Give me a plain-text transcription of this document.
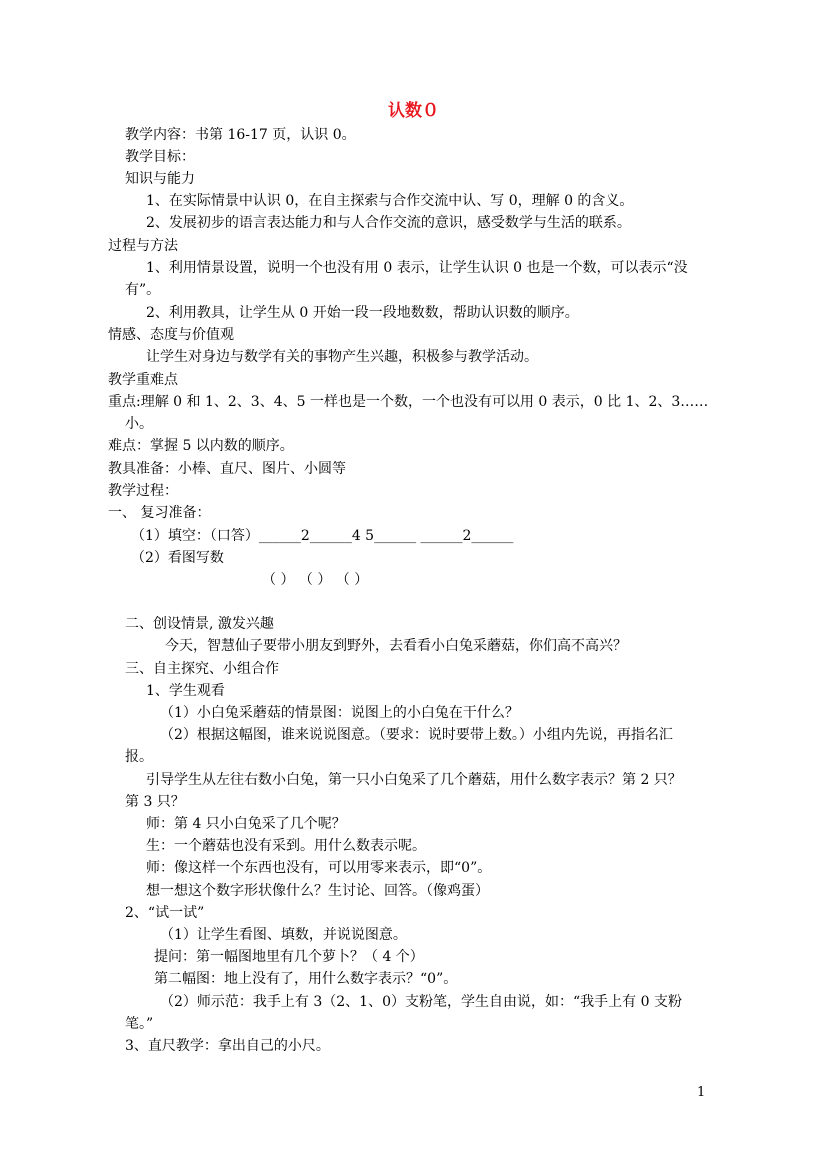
认数０
教学内容：书第 16-17 页，认识 0。
教学目标：
知识与能力
1、在实际情景中认识 0，在自主探索与合作交流中认、写 0，理解 0 的含义。
2、发展初步的语言表达能力和与人合作交流的意识，感受数学与生活的联系。
过程与方法
1、利用情景设置，说明一个也没有用 0 表示，让学生认识 0 也是一个数，可以表示“没
有”。
2、利用教具，让学生从 0 开始一段一段地数数，帮助认识数的顺序。
情感、态度与价值观
让学生对身边与数学有关的事物产生兴趣，积极参与教学活动。
教学重难点
重点:理解 0 和 1、2、3、4、5 一样也是一个数，一个也没有可以用 0 表示，0 比 1、2、3……
小。
难点：掌握 5 以内数的顺序。
教具准备：小棒、直尺、图片、小圆等
教学过程：
一、 复习准备：
（1）填空：（口答）______2______4 5______ ______2______
（2）看图写数
（ ） （ ） （ ）
二、创设情景, 激发兴趣
今天，智慧仙子要带小朋友到野外，去看看小白兔采蘑菇，你们高不高兴？
三、自主探究、小组合作
1、学生观看
（1）小白兔采蘑菇的情景图：说图上的小白兔在干什么？
（2）根据这幅图，谁来说说图意。（要求：说时要带上数。）小组内先说，再指名汇
报。
引导学生从左往右数小白兔，第一只小白兔采了几个蘑菇，用什么数字表示？第 2 只？
第 3 只？
师：第 4 只小白兔采了几个呢？
生：一个蘑菇也没有采到。用什么数表示呢。
师：像这样一个东西也没有，可以用零来表示，即“0”。
想一想这个数字形状像什么？生讨论、回答。（像鸡蛋）
2、“试一试”
（1）让学生看图、填数，并说说图意。
提问：第一幅图地里有几个萝卜？（ 4 个）
第二幅图：地上没有了，用什么数字表示？“0”。
（2）师示范：我手上有 3（2、1、0）支粉笔，学生自由说，如：“我手上有 0 支粉
笔。”
3、直尺教学：拿出自己的小尺。
1
